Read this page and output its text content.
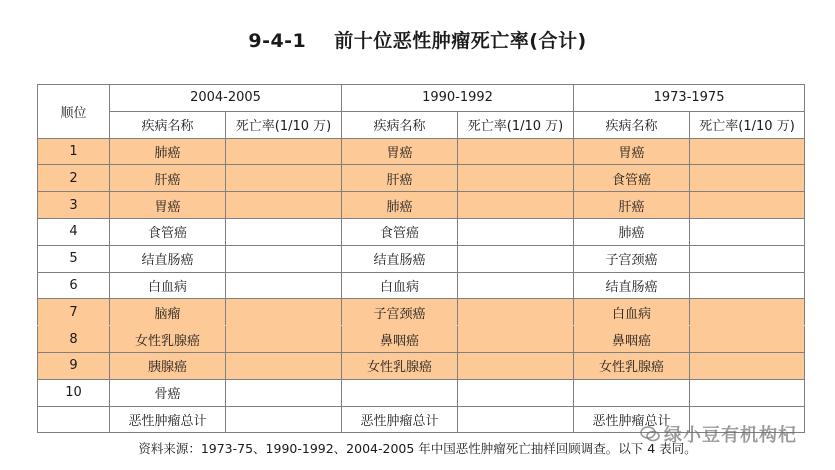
9-4-1 前十位恶性肿瘤死亡率(合计)
顺位	2004-2005		1990-1992		1973-1975	
	疾病名称	死亡率(1/10 万)	疾病名称	死亡率(1/10 万)	疾病名称	死亡率(1/10 万)
1	肺癌		胃癌		胃癌	
2	肝癌		肝癌		食管癌	
3	胃癌		肺癌		肝癌	
4	食管癌		食管癌		肺癌	
5	结直肠癌		结直肠癌		子宫颈癌	
6	白血病		白血病		结直肠癌	
7	脑瘤		子宫颈癌		白血病	
8	女性乳腺癌		鼻咽癌		鼻咽癌	
9	胰腺癌		女性乳腺癌		女性乳腺癌	
10	骨癌					
	恶性肿瘤总计		恶性肿瘤总计		恶性肿瘤总计	
资料来源：1973-75、1990-1992、2004-2005 年中国恶性肿瘤死亡抽样回顾调查。以下 4 表同。
绿小豆有机构杞
